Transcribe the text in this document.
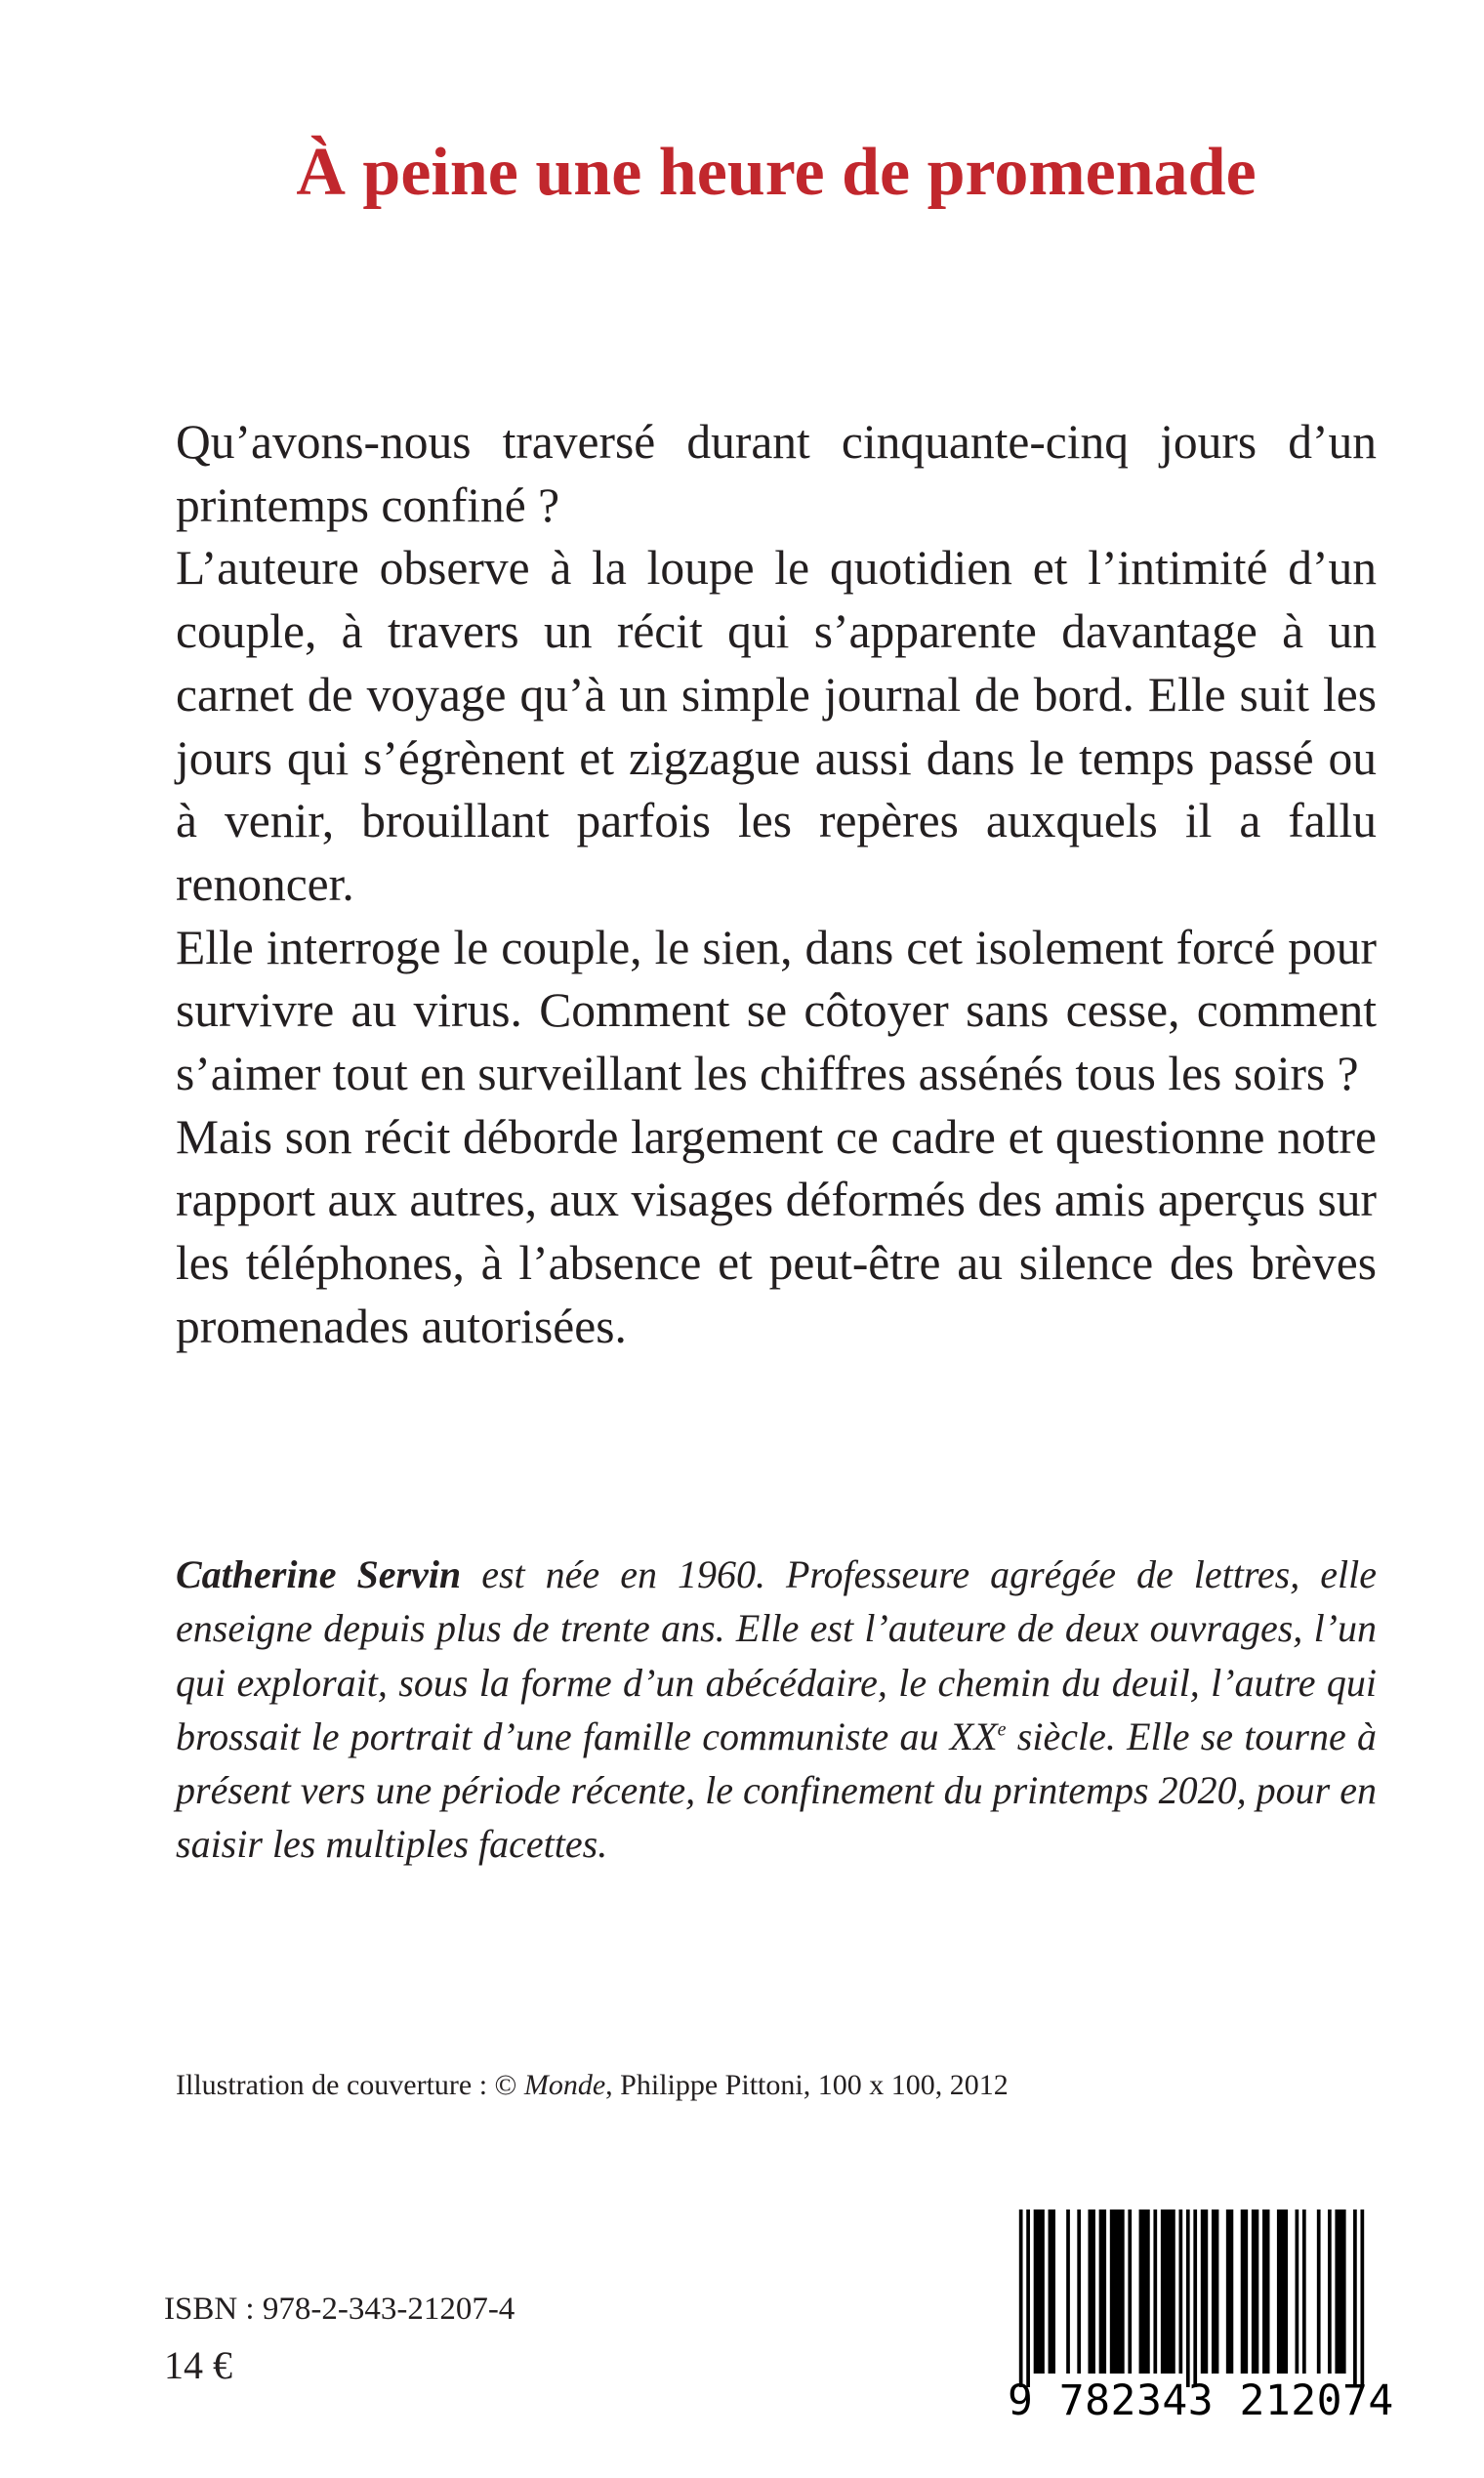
À peine une heure de promenade

Qu’avons-nous traversé durant cinquante-cinq jours d’un printemps confiné ?

L’auteure observe à la loupe le quotidien et l’intimité d’un couple, à travers un récit qui s’apparente davantage à un carnet de voyage qu’à un simple journal de bord. Elle suit les jours qui s’égrènent et zigzague aussi dans le temps passé ou à venir, brouillant parfois les repères auxquels il a fallu renoncer.

Elle interroge le couple, le sien, dans cet isolement forcé pour survivre au virus. Comment se côtoyer sans cesse, comment s’aimer tout en surveillant les chiffres assénés tous les soirs ?

Mais son récit déborde largement ce cadre et questionne notre rapport aux autres, aux visages déformés des amis aperçus sur les téléphones, à l’absence et peut-être au silence des brèves promenades autorisées.

Catherine Servin est née en 1960. Professeure agrégée de lettres, elle enseigne depuis plus de trente ans. Elle est l’auteure de deux ouvrages, l’un qui explorait, sous la forme d’un abécédaire, le chemin du deuil, l’autre qui brossait le portrait d’une famille communiste au XXe siècle. Elle se tourne à présent vers une période récente, le confinement du printemps 2020, pour en saisir les multiples facettes.

Illustration de couverture : © Monde, Philippe Pittoni, 100 x 100, 2012

ISBN : 978-2-343-21207-4

14 €

9 782343 212074
